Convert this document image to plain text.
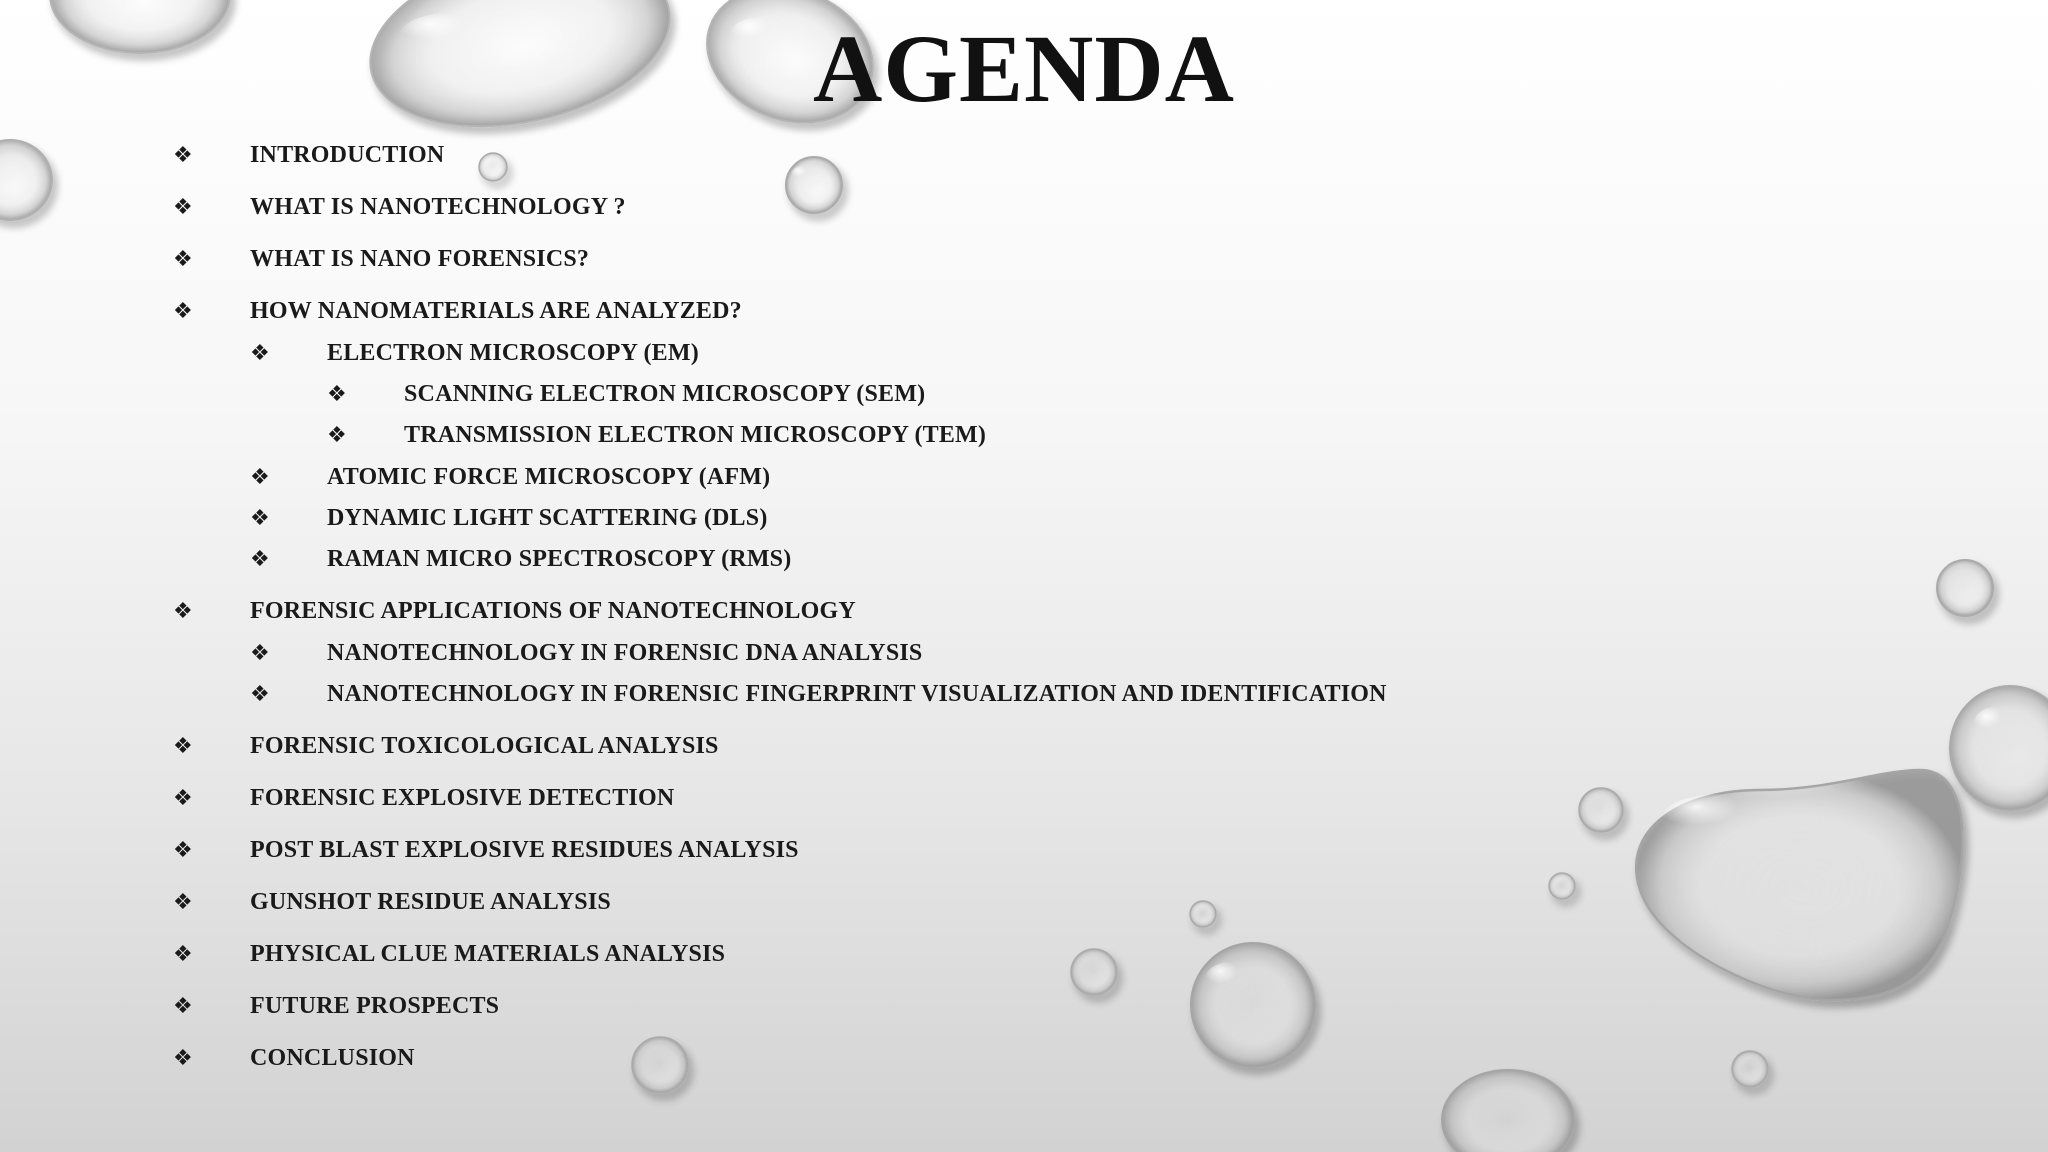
AGENDA
❖	INTRODUCTION
❖	WHAT IS NANOTECHNOLOGY ?
❖	WHAT IS NANO FORENSICS?
❖	HOW NANOMATERIALS ARE ANALYZED?
❖	ELECTRON MICROSCOPY (EM)
❖	SCANNING ELECTRON MICROSCOPY (SEM)
❖	TRANSMISSION ELECTRON MICROSCOPY (TEM)
❖	ATOMIC FORCE MICROSCOPY (AFM)
❖	DYNAMIC LIGHT SCATTERING (DLS)
❖	RAMAN MICRO SPECTROSCOPY (RMS)
❖	FORENSIC APPLICATIONS OF NANOTECHNOLOGY
❖	NANOTECHNOLOGY IN FORENSIC DNA ANALYSIS
❖	NANOTECHNOLOGY IN FORENSIC FINGERPRINT VISUALIZATION AND IDENTIFICATION
❖	FORENSIC TOXICOLOGICAL ANALYSIS
❖	FORENSIC EXPLOSIVE DETECTION
❖	POST BLAST EXPLOSIVE RESIDUES ANALYSIS
❖	GUNSHOT RESIDUE ANALYSIS
❖	PHYSICAL CLUE MATERIALS ANALYSIS
❖	FUTURE PROSPECTS
❖	CONCLUSION
